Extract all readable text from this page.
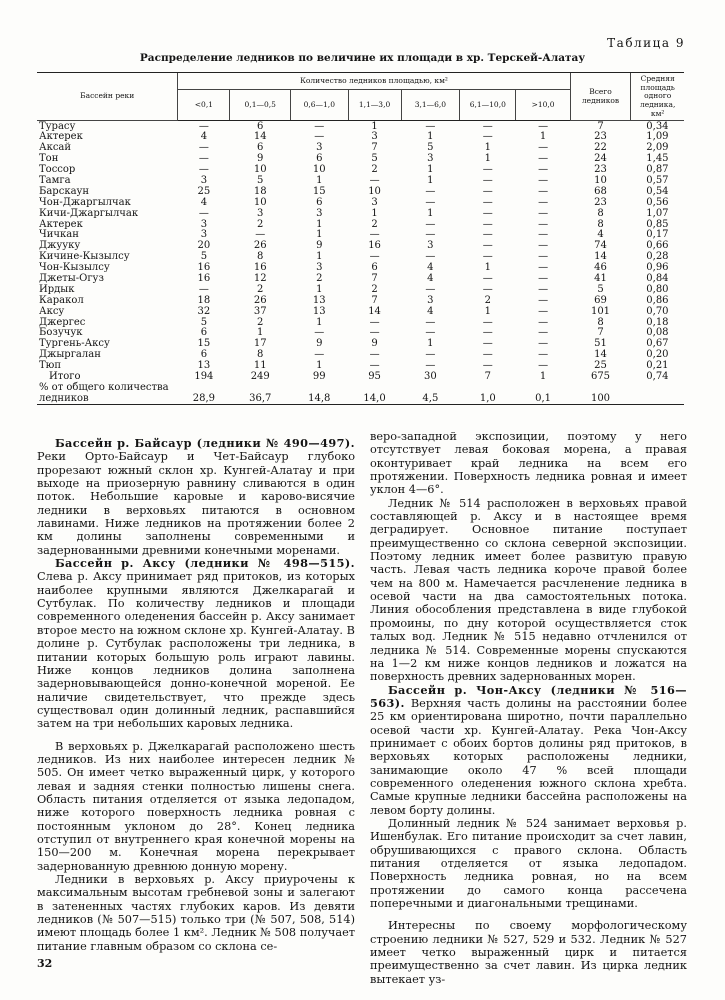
Таблица 9
Распределение ледников по величине их площади в хр. Терскей-Алатау
Бассейн реки	Количество ледников площадью, км²							Всего ледников	Средняя площадь одного ледника, км²
	<0,1	0,1—0,5	0,6—1,0	1,1—3,0	3,1—6,0	6,1—10,0	>10,0		
Турасу	—	6	—	1	—	—	—	7	0,34
Актерек	4	14	—	3	1	—	1	23	1,09
Аксай	—	6	3	7	5	1	—	22	2,09
Тон	—	9	6	5	3	1	—	24	1,45
Тоссор	—	10	10	2	1	—	—	23	0,87
Тамга	3	5	1	—	1	—	—	10	0,57
Барскаун	25	18	15	10	—	—	—	68	0,54
Чон-Джаргылчак	4	10	6	3	—	—	—	23	0,56
Кичи-Джаргылчак	—	3	3	1	1	—	—	8	1,07
Актерек	3	2	1	2	—	—	—	8	0,85
Чичкан	3	—	1	—	—	—	—	4	0,17
Джууку	20	26	9	16	3	—	—	74	0,66
Кичине-Кызылсу	5	8	1	—	—	—	—	14	0,28
Чон-Кызылсу	16	16	3	6	4	1	—	46	0,96
Джеты-Огуз	16	12	2	7	4	—	—	41	0,84
Ирдык	—	2	1	2	—	—	—	5	0,80
Каракол	18	26	13	7	3	2	—	69	0,86
Аксу	32	37	13	14	4	1	—	101	0,70
Джергес	5	2	1	—	—	—	—	8	0,18
Бозучук	6	1	—	—	—	—	—	7	0,08
Тургень-Аксу	15	17	9	9	1	—	—	51	0,67
Джыргалан	6	8	—	—	—	—	—	14	0,20
Тюп	13	11	1	—	—	—	—	25	0,21
Итого	194	249	99	95	30	7	1	675	0,74
% от общего количества									
ледников	28,9	36,7	14,8	14,0	4,5	1,0	0,1	100	

Бассейн р. Байсаур (ледники № 490—497). Реки Орто-Байсаур и Чет-Байсаур глубоко прорезают южный склон хр. Кунгей-Алатау и при выходе на приозерную равнину сливаются в один поток. Небольшие каровые и карово-висячие ледники в верховьях питаются в основном лавинами. Ниже ледников на протяжении более 2 км долины заполнены современными и задернованными древними конечными моренами.

Бассейн р. Аксу (ледники № 498—515). Слева р. Аксу принимает ряд притоков, из которых наиболее крупными являются Джелкарагай и Сутбулак. По количеству ледников и площади современного оледенения бассейн р. Аксу занимает второе место на южном склоне хр. Кунгей-Алатау. В долине р. Сутбулак расположены три ледника, в питании которых большую роль играют лавины. Ниже концов ледников долина заполнена задерновывающейся донно-конечной мореной. Ее наличие свидетельствует, что прежде здесь существовал один долинный ледник, распавшийся затем на три небольших каровых ледника.

В верховьях р. Джелкарагай расположено шесть ледников. Из них наиболее интересен ледник № 505. Он имеет четко выраженный цирк, у которого левая и задняя стенки полностью лишены снега. Область питания отделяется от языка ледопадом, ниже которого поверхность ледника ровная с постоянным уклоном до 28°. Конец ледника отступил от внутреннего края конечной морены на 150—200 м. Конечная морена перекрывает задернованную древнюю донную морену.

Ледники в верховьях р. Аксу приурочены к максимальным высотам гребневой зоны и залегают в затененных частях глубоких каров. Из девяти ледников (№ 507—515) только три (№ 507, 508, 514) имеют площадь более 1 км². Ледник № 508 получает питание главным образом со склона се-

веро-западной экспозиции, поэтому у него отсутствует левая боковая морена, а правая оконтуривает край ледника на всем его протяжении. Поверхность ледника ровная и имеет уклон 4—6°.

Ледник № 514 расположен в верховьях правой составляющей р. Аксу и в настоящее время деградирует. Основное питание поступает преимущественно со склона северной экспозиции. Поэтому ледник имеет более развитую правую часть. Левая часть ледника короче правой более чем на 800 м. Намечается расчленение ледника в осевой части на два самостоятельных потока. Линия обособления представлена в виде глубокой промоины, по дну которой осуществляется сток талых вод. Ледник № 515 недавно отчленился от ледника № 514. Современные морены спускаются на 1—2 км ниже концов ледников и ложатся на поверхность древних задернованных морен.

Бассейн р. Чон-Аксу (ледники № 516—563). Верхняя часть долины на расстоянии более 25 км ориентирована широтно, почти параллельно осевой части хр. Кунгей-Алатау. Река Чон-Аксу принимает с обоих бортов долины ряд притоков, в верховьях которых расположены ледники, занимающие около 47 % всей площади современного оледенения южного склона хребта. Самые крупные ледники бассейна расположены на левом борту долины.

Долинный ледник № 524 занимает верховья р. Ишенбулак. Его питание происходит за счет лавин, обрушивающихся с правого склона. Область питания отделяется от языка ледопадом. Поверхность ледника ровная, но на всем протяжении до самого конца рассечена поперечными и диагональными трещинами.

Интересны по своему морфологическому строению ледники № 527, 529 и 532. Ледник № 527 имеет четко выраженный цирк и питается преимущественно за счет лавин. Из цирка ледник вытекает уз-

32
